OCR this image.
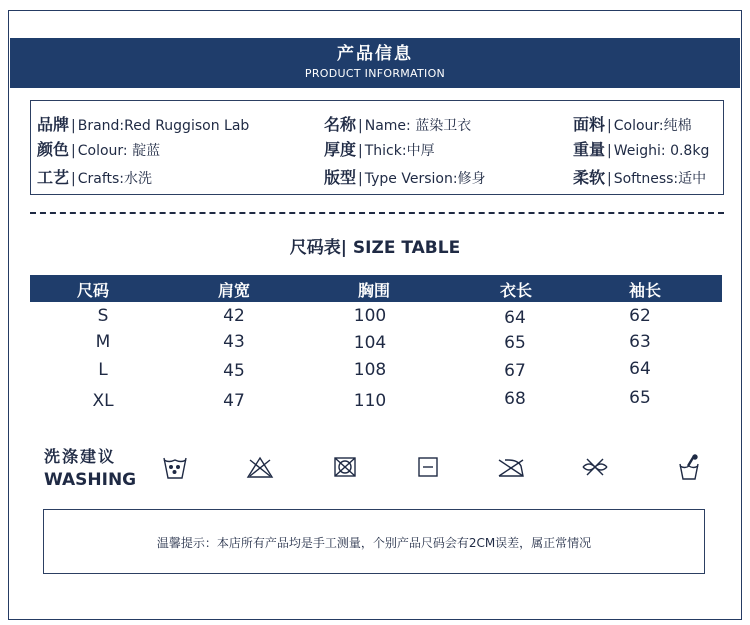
产品信息
PRODUCT INFORMATION
品牌 | Brand:Red Ruggison Lab	名称 | Name: 蓝染卫衣	面料 | Colour:纯棉
颜色 | Colour: 靛蓝	厚度 | Thick:中厚	重量 | Weighi: 0.8kg
工艺 | Crafts:水洗	版型 | Type Version:修身	柔软 | Softness:适中
尺码表| SIZE TABLE
尺码	肩宽	胸围	衣长	袖长
S	42	100	64	62
M	43	104	65	63
L	45	108	67	64
XL	47	110	68	65
洗涤建议
WASHING
温馨提示：本店所有产品均是手工测量，个别产品尺码会有2CM误差，属正常情况
